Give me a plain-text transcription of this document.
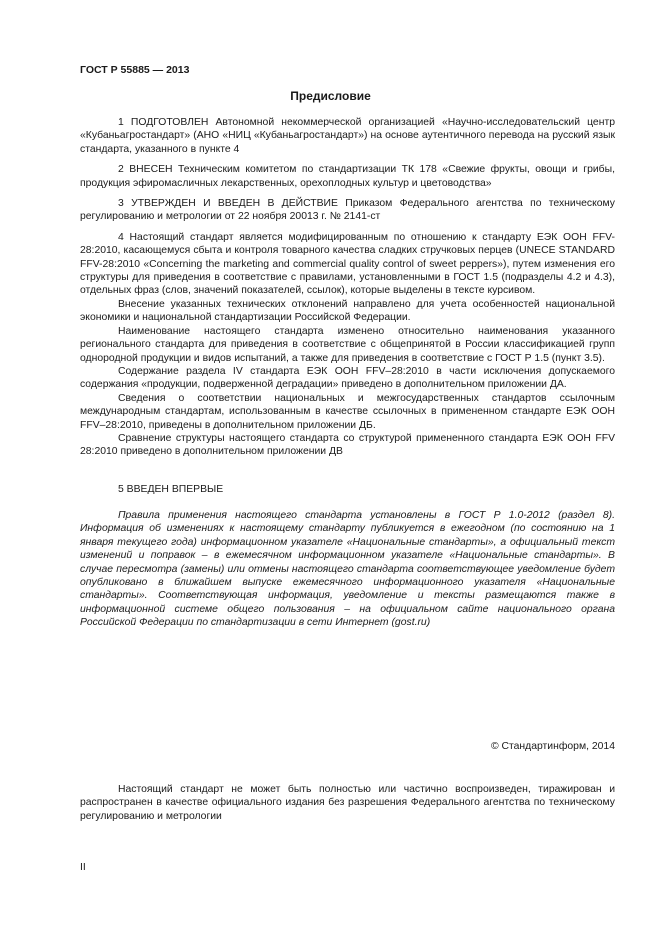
ГОСТ Р 55885 — 2013
Предисловие

1 ПОДГОТОВЛЕН Автономной некоммерческой организацией «Научно-исследовательский центр «Кубаньагростандарт» (АНО «НИЦ «Кубаньагростандарт») на основе аутентичного перевода на русский язык стандарта, указанного в пункте 4

2 ВНЕСЕН Техническим комитетом по стандартизации ТК 178 «Свежие фрукты, овощи и грибы, продукция эфиромасличных лекарственных, орехоплодных культур и цветоводства»

3 УТВЕРЖДЕН И ВВЕДЕН В ДЕЙСТВИЕ Приказом Федерального агентства по техническому регулированию и метрологии от 22 ноября 20013 г. № 2141-ст

4 Настоящий стандарт является модифицированным по отношению к стандарту ЕЭК ООН FFV-28:2010, касающемуся сбыта и контроля товарного качества сладких стручковых перцев (UNECE STANDARD FFV-28:2010 «Concerning the marketing and commercial quality control of sweet peppers»), путем изменения его структуры для приведения в соответствие с правилами, установленными в ГОСТ 1.5 (подразделы 4.2 и 4.3), отдельных фраз (слов, значений показателей, ссылок), которые выделены в тексте курсивом.

Внесение указанных технических отклонений направлено для учета особенностей национальной экономики и национальной стандартизации Российской Федерации.

Наименование настоящего стандарта изменено относительно наименования указанного регионального стандарта для приведения в соответствие с общепринятой в России классификацией групп однородной продукции и видов испытаний, а также для приведения в соответствие с ГОСТ Р 1.5 (пункт 3.5).

Содержание раздела IV стандарта ЕЭК ООН FFV–28:2010 в части исключения допускаемого содержания «продукции, подверженной деградации» приведено в дополнительном приложении ДА.

Сведения о соответствии национальных и межгосударственных стандартов ссылочным международным стандартам, использованным в качестве ссылочных в примененном стандарте ЕЭК ООН FFV–28:2010, приведены в дополнительном приложении ДБ.

Сравнение структуры настоящего стандарта со структурой примененного стандарта ЕЭК ООН FFV 28:2010 приведено в дополнительном приложении ДВ

5 ВВЕДЕН ВПЕРВЫЕ

Правила применения настоящего стандарта установлены в ГОСТ Р 1.0-2012 (раздел 8). Информация об изменениях к настоящему стандарту публикуется в ежегодном (по состоянию на 1 января текущего года) информационном указателе «Национальные стандарты», а официальный текст изменений и поправок – в ежемесячном информационном указателе «Национальные стандарты». В случае пересмотра (замены) или отмены настоящего стандарта соответствующее уведомление будет опубликовано в ближайшем выпуске ежемесячного информационного указателя «Национальные стандарты». Соответствующая информация, уведомление и тексты размещаются также в информационной системе общего пользования – на официальном сайте национального органа Российской Федерации по стандартизации в сети Интернет (gost.ru)

© Стандартинформ, 2014

Настоящий стандарт не может быть полностью или частично воспроизведен, тиражирован и распространен в качестве официального издания без разрешения Федерального агентства по техническому регулированию и метрологии

II
